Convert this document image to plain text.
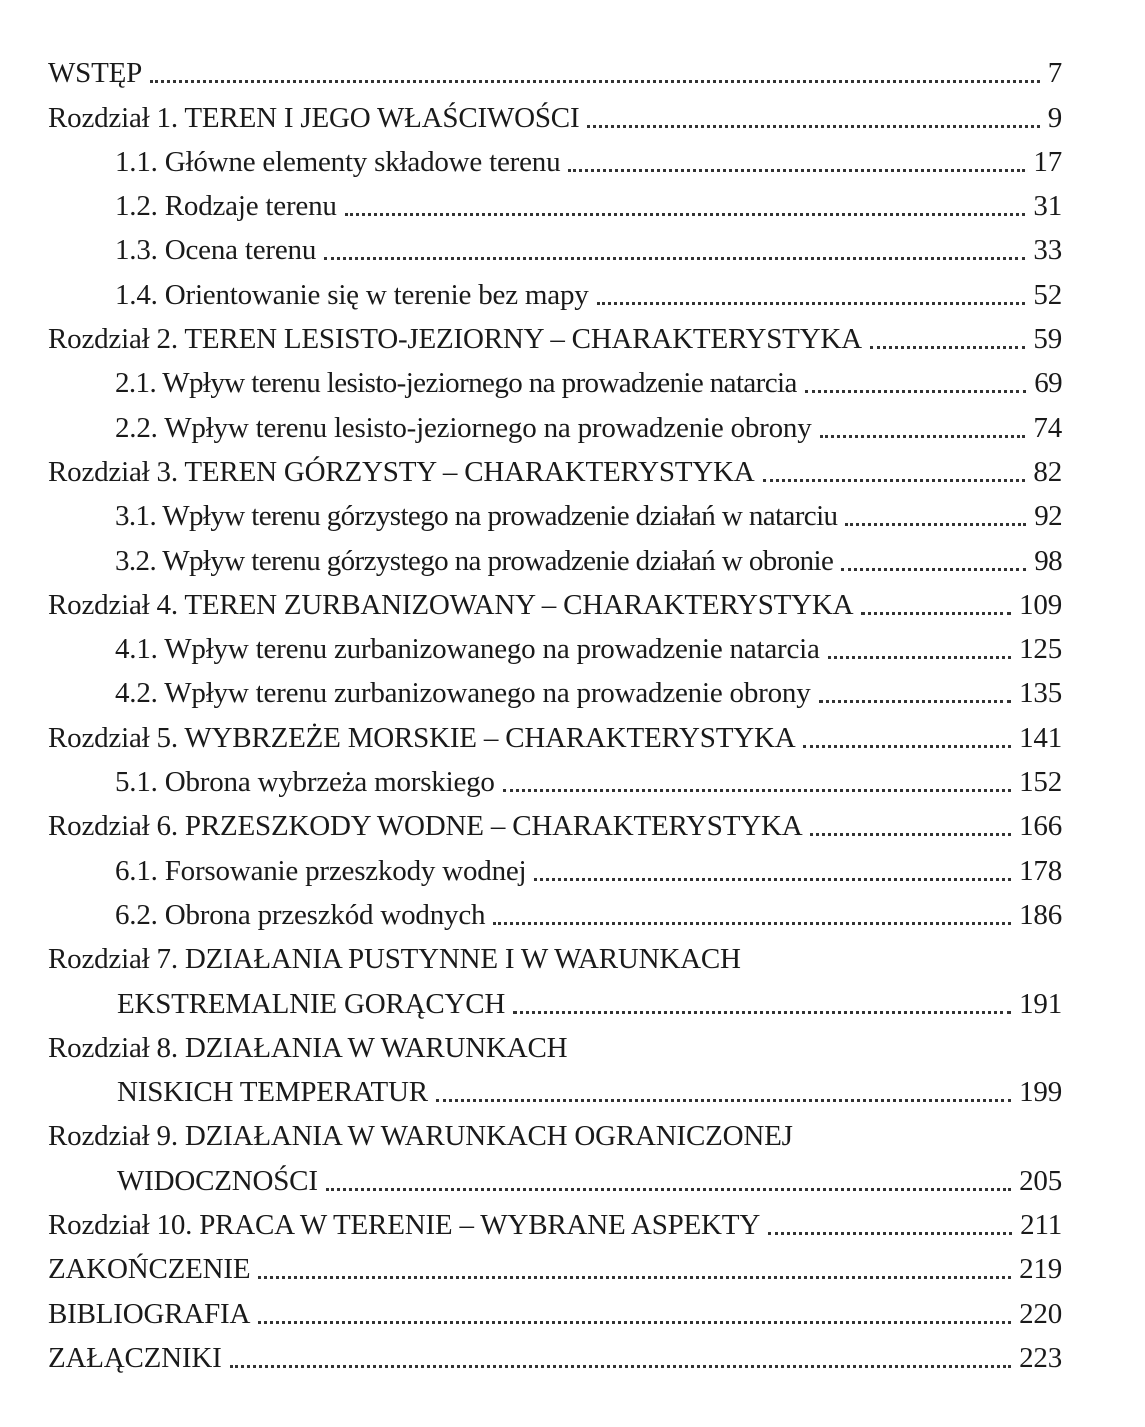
WSTĘP	7
Rozdział 1. TEREN I JEGO WŁAŚCIWOŚCI	9
1.1. Główne elementy składowe terenu	17
1.2. Rodzaje terenu	31
1.3. Ocena terenu	33
1.4. Orientowanie się w terenie bez mapy	52
Rozdział 2. TEREN LESISTO-JEZIORNY – CHARAKTERYSTYKA	59
2.1. Wpływ terenu lesisto-jeziornego na prowadzenie natarcia	69
2.2. Wpływ terenu lesisto-jeziornego na prowadzenie obrony	74
Rozdział 3. TEREN GÓRZYSTY – CHARAKTERYSTYKA	82
3.1. Wpływ terenu górzystego na prowadzenie działań w natarciu	92
3.2. Wpływ terenu górzystego na prowadzenie działań w obronie	98
Rozdział 4. TEREN ZURBANIZOWANY – CHARAKTERYSTYKA	109
4.1. Wpływ terenu zurbanizowanego na prowadzenie natarcia	125
4.2. Wpływ terenu zurbanizowanego na prowadzenie obrony	135
Rozdział 5. WYBRZEŻE MORSKIE – CHARAKTERYSTYKA	141
5.1. Obrona wybrzeża morskiego	152
Rozdział 6. PRZESZKODY WODNE – CHARAKTERYSTYKA	166
6.1. Forsowanie przeszkody wodnej	178
6.2. Obrona przeszkód wodnych	186
Rozdział 7. DZIAŁANIA PUSTYNNE I W WARUNKACH
EKSTREMALNIE GORĄCYCH	191
Rozdział 8. DZIAŁANIA W WARUNKACH
NISKICH TEMPERATUR	199
Rozdział 9. DZIAŁANIA W WARUNKACH OGRANICZONEJ
WIDOCZNOŚCI	205
Rozdział 10. PRACA W TERENIE – WYBRANE ASPEKTY	211
ZAKOŃCZENIE	219
BIBLIOGRAFIA	220
ZAŁĄCZNIKI	223
